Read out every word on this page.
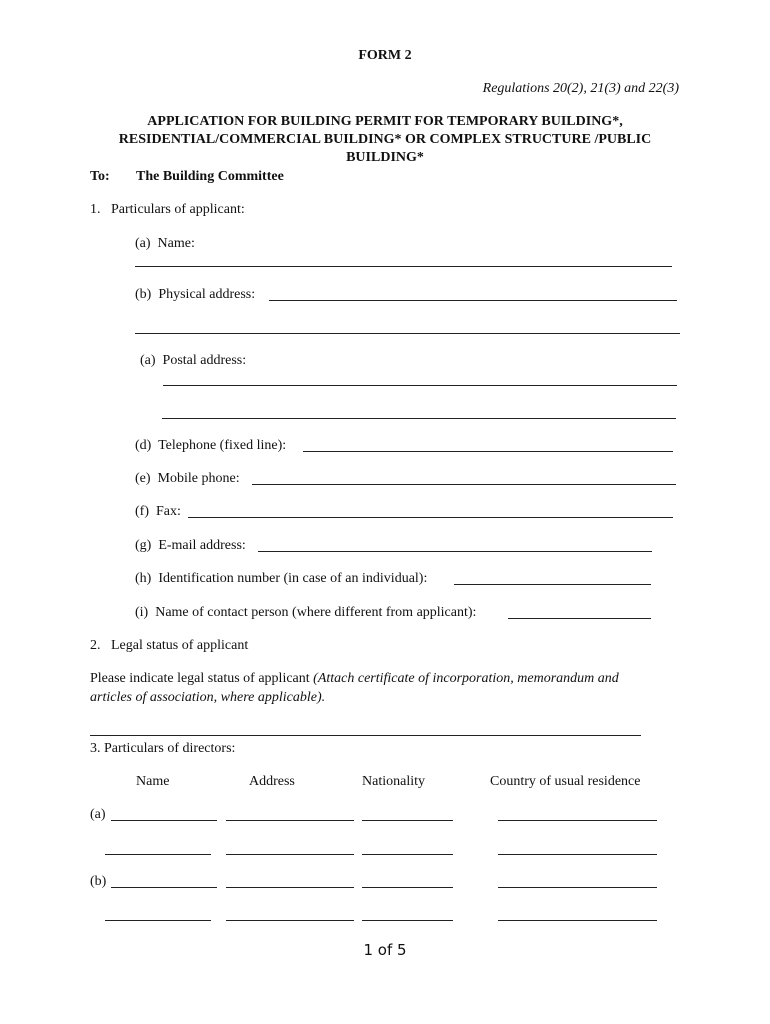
FORM 2
Regulations 20(2), 21(3) and 22(3)
APPLICATION FOR BUILDING PERMIT FOR TEMPORARY BUILDING*,
RESIDENTIAL/COMMERCIAL BUILDING* OR COMPLEX STRUCTURE /PUBLIC
BUILDING*
To: The Building Committee
1.   Particulars of applicant:
(a)  Name:
(b)  Physical address:
(a)  Postal address:
(d)  Telephone (fixed line):
(e)  Mobile phone:
(f)  Fax:
(g)  E-mail address:
(h)  Identification number (in case of an individual):
(i)  Name of contact person (where different from applicant):
2.   Legal status of applicant
Please indicate legal status of applicant (Attach certificate of incorporation, memorandum and
articles of association, where applicable).
3. Particulars of directors:
Name	Address	Nationality	Country of usual residence
(a)
(b)
1 of 5
